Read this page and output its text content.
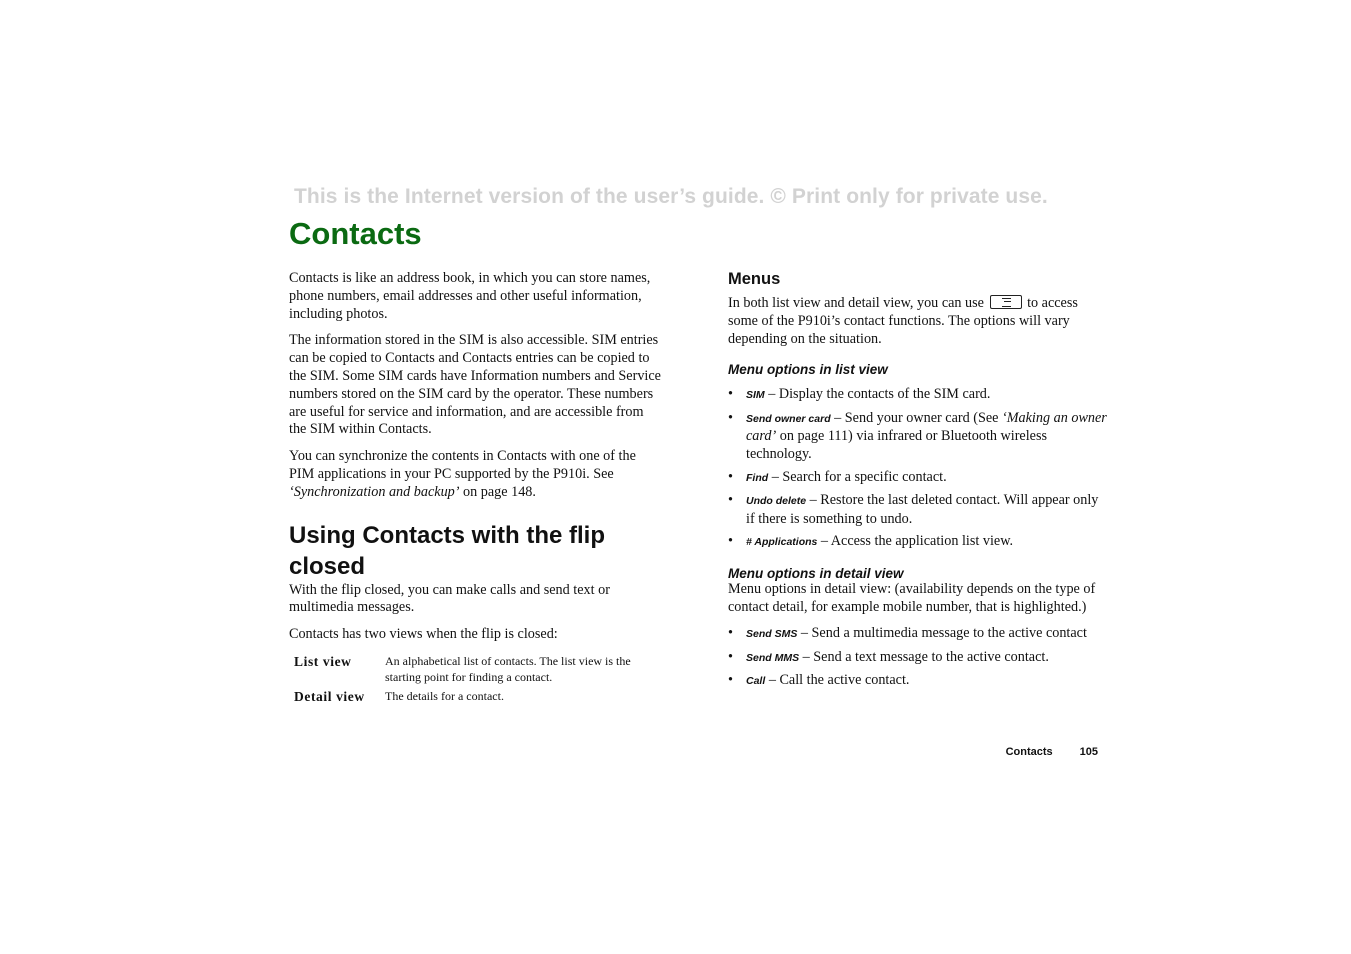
This is the Internet version of the user’s guide. © Print only for private use.
Contacts

Contacts is like an address book, in which you can store names, phone numbers, email addresses and other useful information, including photos.

The information stored in the SIM is also accessible. SIM entries can be copied to Contacts and Contacts entries can be copied to the SIM. Some SIM cards have Information numbers and Service numbers stored on the SIM card by the operator. These numbers are useful for service and information, and are accessible from the SIM within Contacts.

You can synchronize the contents in Contacts with one of the PIM applications in your PC supported by the P910i. See ‘Synchronization and backup’ on page 148.

Using Contacts with the flip closed

With the flip closed, you can make calls and send text or multimedia messages.

Contacts has two views when the flip is closed:

List view	An alphabetical list of contacts. The list view is the starting point for finding a contact.
Detail view	The details for a contact.
Menus

In both list view and detail view, you can use	to access some of the P910i’s contact functions. The options will vary depending on the situation.

Menu options in list view
• SIM – Display the contacts of the SIM card.
• Send owner card – Send your owner card (See ‘Making an owner card’ on page 111) via infrared or Bluetooth wireless technology.
• Find – Search for a specific contact.
• Undo delete – Restore the last deleted contact. Will appear only if there is something to undo.
• # Applications – Access the application list view.
Menu options in detail view

Menu options in detail view: (availability depends on the type of contact detail, for example mobile number, that is highlighted.)

• Send SMS – Send a multimedia message to the active contact
• Send MMS – Send a text message to the active contact.
• Call – Call the active contact.
Contacts 105
